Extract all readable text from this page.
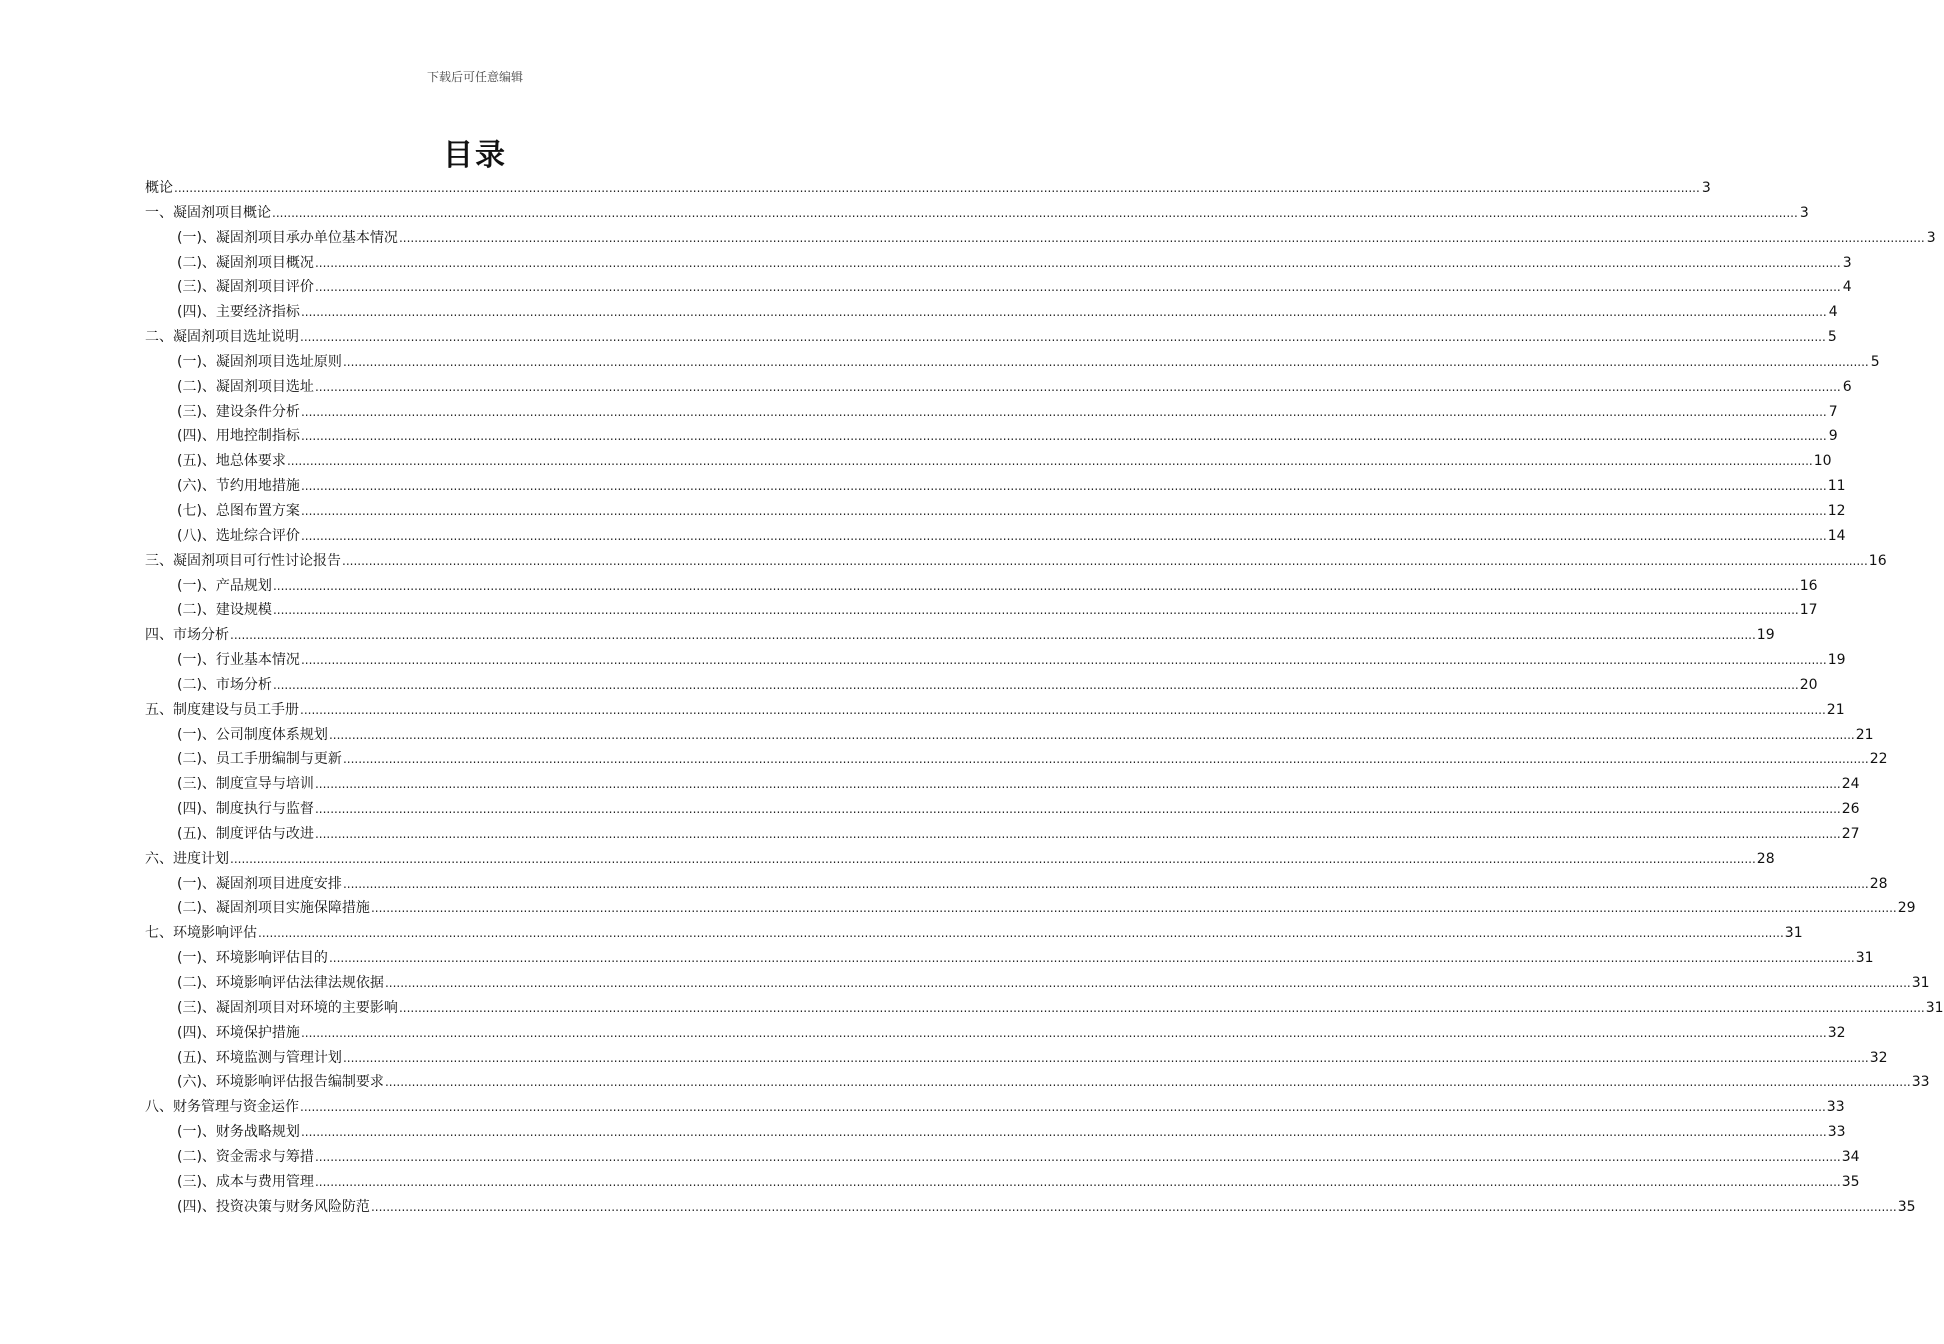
下载后可任意编辑
目录
概论 ................................................................................................................................................................................................................................................................................................................................................................................................................ 3
一、凝固剂项目概论 ................................................................................................................................................................................................................................................................................................................................................................................................................ 3
(一)、凝固剂项目承办单位基本情况 ................................................................................................................................................................................................................................................................................................................................................................................................................ 3
(二)、凝固剂项目概况 ................................................................................................................................................................................................................................................................................................................................................................................................................ 3
(三)、凝固剂项目评价 ................................................................................................................................................................................................................................................................................................................................................................................................................ 4
(四)、主要经济指标 ................................................................................................................................................................................................................................................................................................................................................................................................................ 4
二、凝固剂项目选址说明 ................................................................................................................................................................................................................................................................................................................................................................................................................ 5
(一)、凝固剂项目选址原则 ................................................................................................................................................................................................................................................................................................................................................................................................................ 5
(二)、凝固剂项目选址 ................................................................................................................................................................................................................................................................................................................................................................................................................ 6
(三)、建设条件分析 ................................................................................................................................................................................................................................................................................................................................................................................................................ 7
(四)、用地控制指标 ................................................................................................................................................................................................................................................................................................................................................................................................................ 9
(五)、地总体要求 ................................................................................................................................................................................................................................................................................................................................................................................................................ 10
(六)、节约用地措施 ................................................................................................................................................................................................................................................................................................................................................................................................................ 11
(七)、总图布置方案 ................................................................................................................................................................................................................................................................................................................................................................................................................ 12
(八)、选址综合评价 ................................................................................................................................................................................................................................................................................................................................................................................................................ 14
三、凝固剂项目可行性讨论报告 ................................................................................................................................................................................................................................................................................................................................................................................................................ 16
(一)、产品规划 ................................................................................................................................................................................................................................................................................................................................................................................................................ 16
(二)、建设规模 ................................................................................................................................................................................................................................................................................................................................................................................................................ 17
四、市场分析 ................................................................................................................................................................................................................................................................................................................................................................................................................ 19
(一)、行业基本情况 ................................................................................................................................................................................................................................................................................................................................................................................................................ 19
(二)、市场分析 ................................................................................................................................................................................................................................................................................................................................................................................................................ 20
五、制度建设与员工手册 ................................................................................................................................................................................................................................................................................................................................................................................................................ 21
(一)、公司制度体系规划 ................................................................................................................................................................................................................................................................................................................................................................................................................ 21
(二)、员工手册编制与更新 ................................................................................................................................................................................................................................................................................................................................................................................................................ 22
(三)、制度宣导与培训 ................................................................................................................................................................................................................................................................................................................................................................................................................ 24
(四)、制度执行与监督 ................................................................................................................................................................................................................................................................................................................................................................................................................ 26
(五)、制度评估与改进 ................................................................................................................................................................................................................................................................................................................................................................................................................ 27
六、进度计划 ................................................................................................................................................................................................................................................................................................................................................................................................................ 28
(一)、凝固剂项目进度安排 ................................................................................................................................................................................................................................................................................................................................................................................................................ 28
(二)、凝固剂项目实施保障措施 ................................................................................................................................................................................................................................................................................................................................................................................................................ 29
七、环境影响评估 ................................................................................................................................................................................................................................................................................................................................................................................................................ 31
(一)、环境影响评估目的 ................................................................................................................................................................................................................................................................................................................................................................................................................ 31
(二)、环境影响评估法律法规依据 ................................................................................................................................................................................................................................................................................................................................................................................................................ 31
(三)、凝固剂项目对环境的主要影响 ................................................................................................................................................................................................................................................................................................................................................................................................................ 31
(四)、环境保护措施 ................................................................................................................................................................................................................................................................................................................................................................................................................ 32
(五)、环境监测与管理计划 ................................................................................................................................................................................................................................................................................................................................................................................................................ 32
(六)、环境影响评估报告编制要求 ................................................................................................................................................................................................................................................................................................................................................................................................................ 33
八、财务管理与资金运作 ................................................................................................................................................................................................................................................................................................................................................................................................................ 33
(一)、财务战略规划 ................................................................................................................................................................................................................................................................................................................................................................................................................ 33
(二)、资金需求与筹措 ................................................................................................................................................................................................................................................................................................................................................................................................................ 34
(三)、成本与费用管理 ................................................................................................................................................................................................................................................................................................................................................................................................................ 35
(四)、投资决策与财务风险防范 ................................................................................................................................................................................................................................................................................................................................................................................................................ 35
